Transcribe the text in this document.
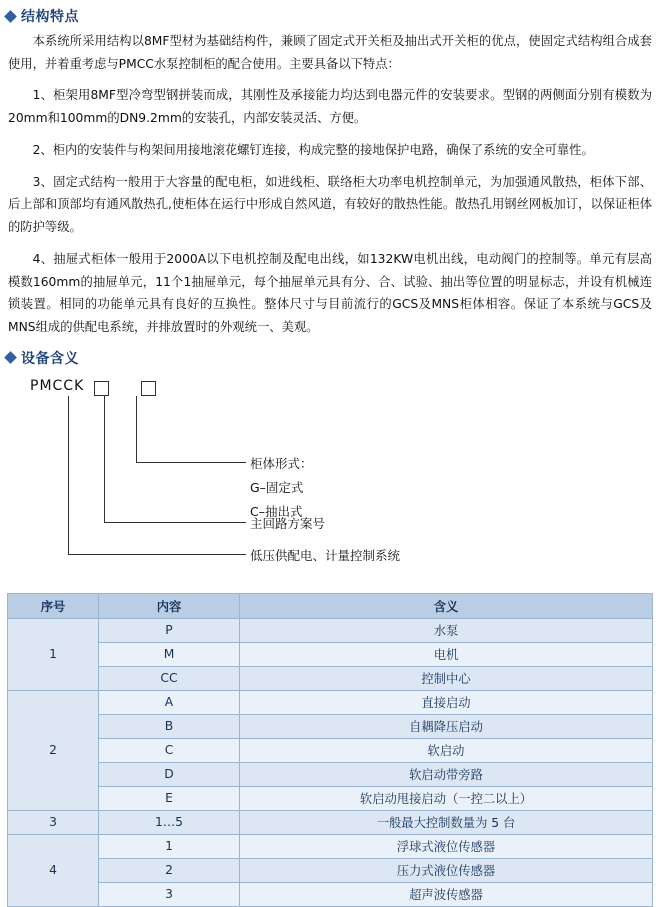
结构特点

本系统所采用结构以8MF型材为基础结构件，兼顾了固定式开关柜及抽出式开关柜的优点，使固定式结构组合成套使用，并着重考虑与PMCC水泵控制柜的配合使用。主要具备以下特点：

1、柜架用8MF型冷弯型钢拼装而成，其刚性及承接能力均达到电器元件的安装要求。型钢的两侧面分别有模数为20mm和100mm的DN9.2mm的安装孔，内部安装灵活、方便。

2、柜内的安装件与构架间用接地滚花螺钉连接，构成完整的接地保护电路，确保了系统的安全可靠性。

3、固定式结构一般用于大容量的配电柜，如进线柜、联络柜大功率电机控制单元，为加强通风散热，柜体下部、后上部和顶部均有通风散热孔,使柜体在运行中形成自然风道，有较好的散热性能。散热孔用钢丝网板加订，以保证柜体的防护等级。

4、抽屉式柜体一般用于2000A以下电机控制及配电出线，如132KW电机出线，电动阀门的控制等。单元有层高模数160mm的抽屉单元，11个1抽屉单元，每个抽屉单元具有分、合、试验、抽出等位置的明显标志，并设有机械连锁装置。相同的功能单元具有良好的互换性。整体尺寸与目前流行的GCS及MNS柜体相容。保证了本系统与GCS及MNS组成的供配电系统，并排放置时的外观统一、美观。

设备含义
PMCCK
柜体形式：
G–固定式
C–抽出式
主回路方案号
低压供配电、计量控制系统
序号	内容	含义
1	P	水泵
	M	电机
	CC	控制中心
2	A	直接启动
	B	自耦降压启动
	C	软启动
	D	软启动带旁路
	E	软启动甩接启动（一控二以上）
3	1…5	一般最大控制数量为 5 台
4	1	浮球式液位传感器
	2	压力式液位传感器
	3	超声波传感器
